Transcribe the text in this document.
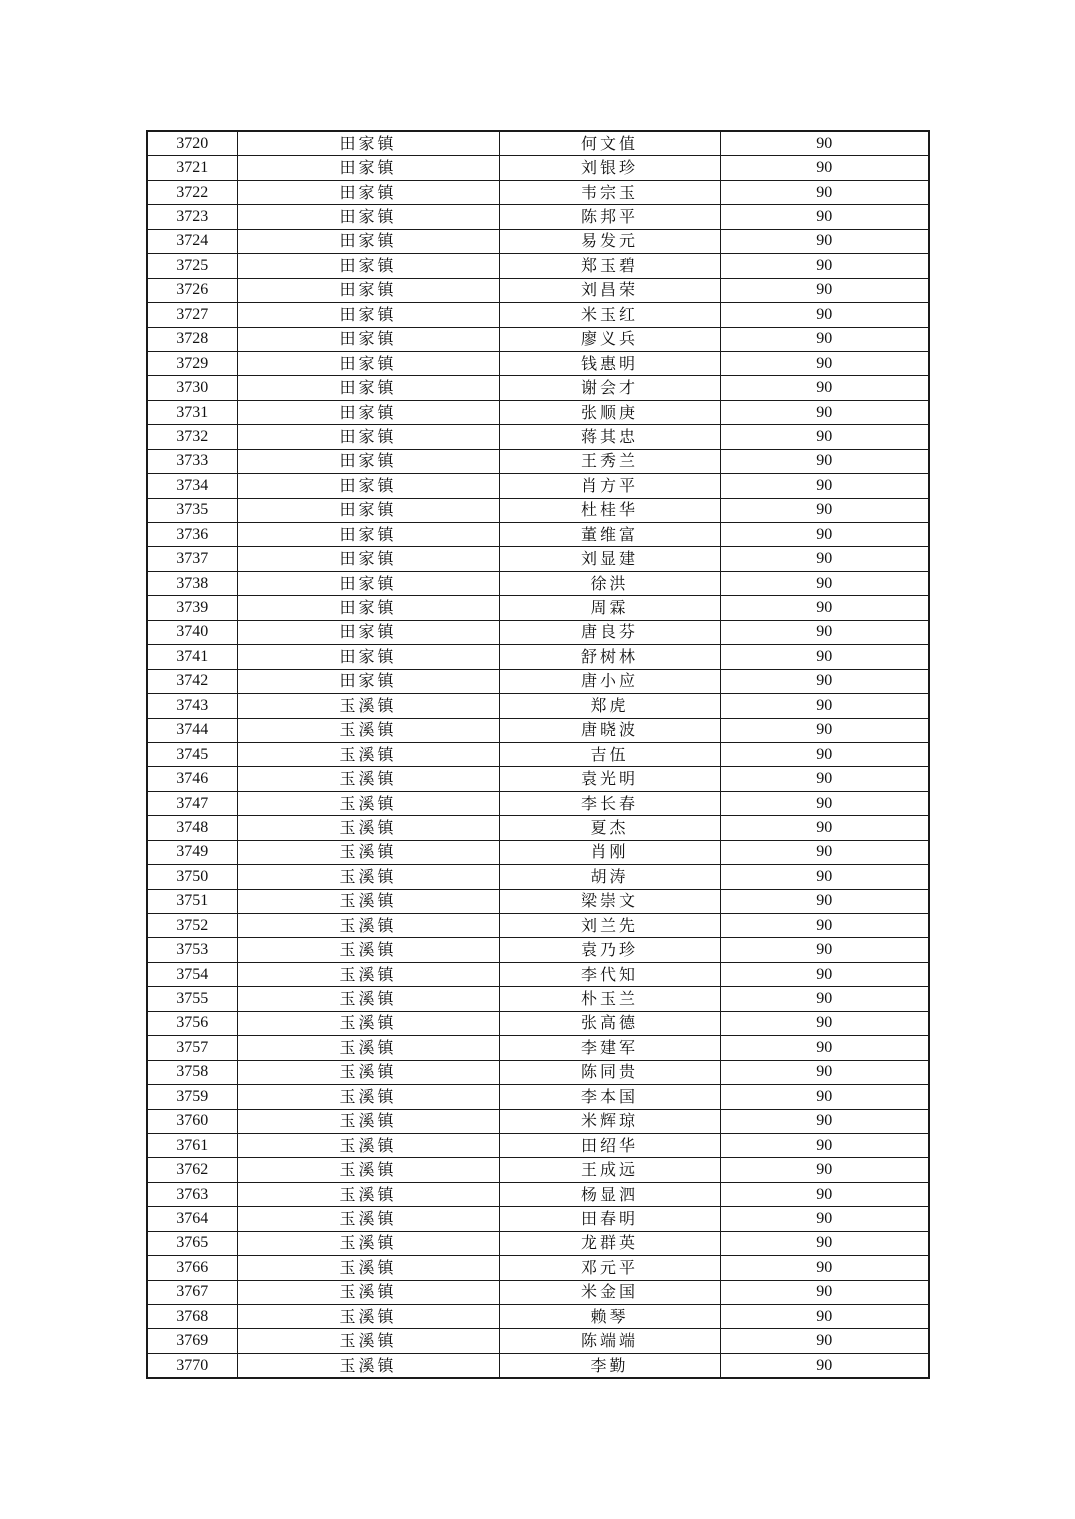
3720	田家镇	何文值	90
3721	田家镇	刘银珍	90
3722	田家镇	韦宗玉	90
3723	田家镇	陈邦平	90
3724	田家镇	易发元	90
3725	田家镇	郑玉碧	90
3726	田家镇	刘昌荣	90
3727	田家镇	米玉红	90
3728	田家镇	廖义兵	90
3729	田家镇	钱惠明	90
3730	田家镇	谢会才	90
3731	田家镇	张顺庚	90
3732	田家镇	蒋其忠	90
3733	田家镇	王秀兰	90
3734	田家镇	肖方平	90
3735	田家镇	杜桂华	90
3736	田家镇	董维富	90
3737	田家镇	刘显建	90
3738	田家镇	徐洪	90
3739	田家镇	周霖	90
3740	田家镇	唐良芬	90
3741	田家镇	舒树林	90
3742	田家镇	唐小应	90
3743	玉溪镇	郑虎	90
3744	玉溪镇	唐晓波	90
3745	玉溪镇	吉伍	90
3746	玉溪镇	袁光明	90
3747	玉溪镇	李长春	90
3748	玉溪镇	夏杰	90
3749	玉溪镇	肖刚	90
3750	玉溪镇	胡涛	90
3751	玉溪镇	梁崇文	90
3752	玉溪镇	刘兰先	90
3753	玉溪镇	袁乃珍	90
3754	玉溪镇	李代知	90
3755	玉溪镇	朴玉兰	90
3756	玉溪镇	张高德	90
3757	玉溪镇	李建军	90
3758	玉溪镇	陈同贵	90
3759	玉溪镇	李本国	90
3760	玉溪镇	米辉琼	90
3761	玉溪镇	田绍华	90
3762	玉溪镇	王成远	90
3763	玉溪镇	杨显泗	90
3764	玉溪镇	田春明	90
3765	玉溪镇	龙群英	90
3766	玉溪镇	邓元平	90
3767	玉溪镇	米金国	90
3768	玉溪镇	赖琴	90
3769	玉溪镇	陈端端	90
3770	玉溪镇	李勤	90
